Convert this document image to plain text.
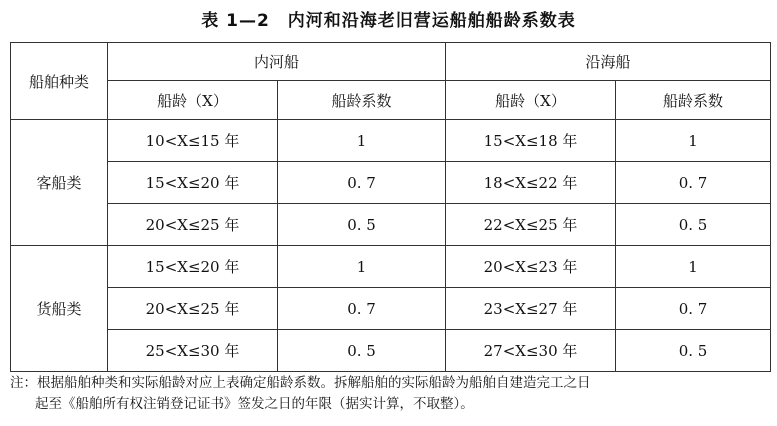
表 1—2　内河和沿海老旧营运船舶船龄系数表
船舶种类	内河船		沿海船	
	船龄（X）	船龄系数	船龄（X）	船龄系数
客船类	10<X≤15 年	1	15<X≤18 年	1
	15<X≤20 年	0. 7	18<X≤22 年	0. 7
	20<X≤25 年	0. 5	22<X≤25 年	0. 5
货船类	15<X≤20 年	1	20<X≤23 年	1
	20<X≤25 年	0. 7	23<X≤27 年	0. 7
	25<X≤30 年	0. 5	27<X≤30 年	0. 5
注：根据船舶种类和实际船龄对应上表确定船龄系数。拆解船舶的实际船龄为船舶自建造完工之日
起至《船舶所有权注销登记证书》签发之日的年限（据实计算，不取整）。
